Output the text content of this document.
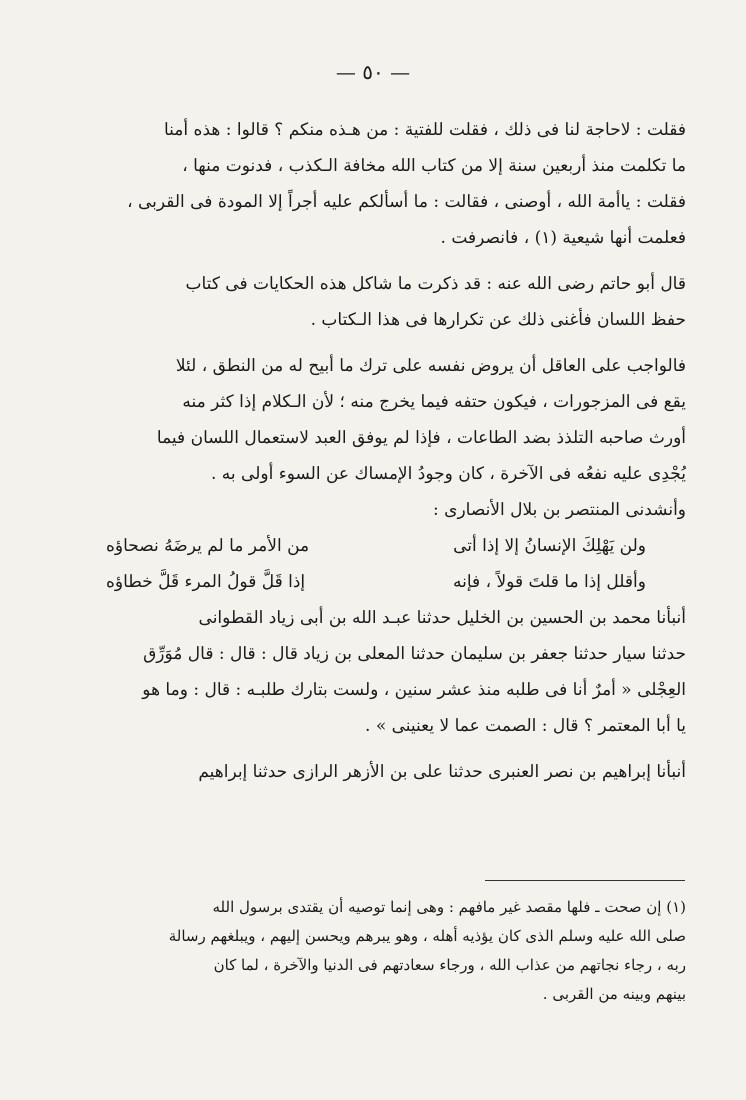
— ٥٠ —
فقلت : لاحاجة لنا فى ذلك ، فقلت للفتية : من هـذه منكم ؟ قالوا : هذه أمنا
ما تكلمت منذ أربعين سنة إلا من كتاب الله مخافة الـكذب ، فدنوت منها ،
فقلت : ياأمة الله ، أوصنى ، فقالت : ما أسألكم عليه أجراً إلا المودة فى القربى ،
فعلمت أنها شيعية (١) ، فانصرفت .
قال أبو حاتم رضى الله عنه : قد ذكرت ما شاكل هذه الحكايات فى كتاب
حفظ اللسان فأغنى ذلك عن تكرارها فى هذا الـكتاب .
فالواجب على العاقل أن يروض نفسه على ترك ما أبيح له من النطق ، لئلا
يقع فى المزجورات ، فيكون حتفه فيما يخرج منه ؛ لأن الـكلام إذا كثر منه
أورث صاحبه التلذذ بضد الطاعات ، فإذا لم يوفق العبد لاستعمال اللسان فيما
يُجْدِى عليه نفعُه فى الآخرة ، كان وجودُ الإمساك عن السوء أولى به .
وأنشدنى المنتصر بن بلال الأنصارى :
ولن يَهْلِكَ الإنسانُ إلا إذا أتى
من الأمر ما لم يرضَهُ نصحاؤه
وأقلل إذا ما قلتَ قولاً ، فإنه
إذا قَلَّ قولُ المرء قَلَّ خطاؤه
أنبأنا محمد بن الحسين بن الخليل حدثنا عبـد الله بن أبى زياد القطوانى
حدثنا سيار حدثنا جعفر بن سليمان حدثنا المعلى بن زياد قال : قال : قال مُوَرِّق
العِجْلى « أمرٌ أنا فى طلبه منذ عشر سنين ، ولست بتارك طلبـه : قال : وما هو
يا أبا المعتمر ؟ قال : الصمت عما لا يعنينى » .
أنبأنا إبراهيم بن نصر العنبرى حدثنا على بن الأزهر الرازى حدثنا إبراهيم
(١) إن صحت ـ فلها مقصد غير مافهم : وهى إنما توصيه أن يقتدى برسول الله
صلى الله عليه وسلم الذى كان يؤذيه أهله ، وهو يبرهم ويحسن إليهم ، ويبلغهم رسالة
ربه ، رجاء نجاتهم من عذاب الله ، ورجاء سعادتهم فى الدنيا والآخرة ، لما كان
بينهم وبينه من القربى .
